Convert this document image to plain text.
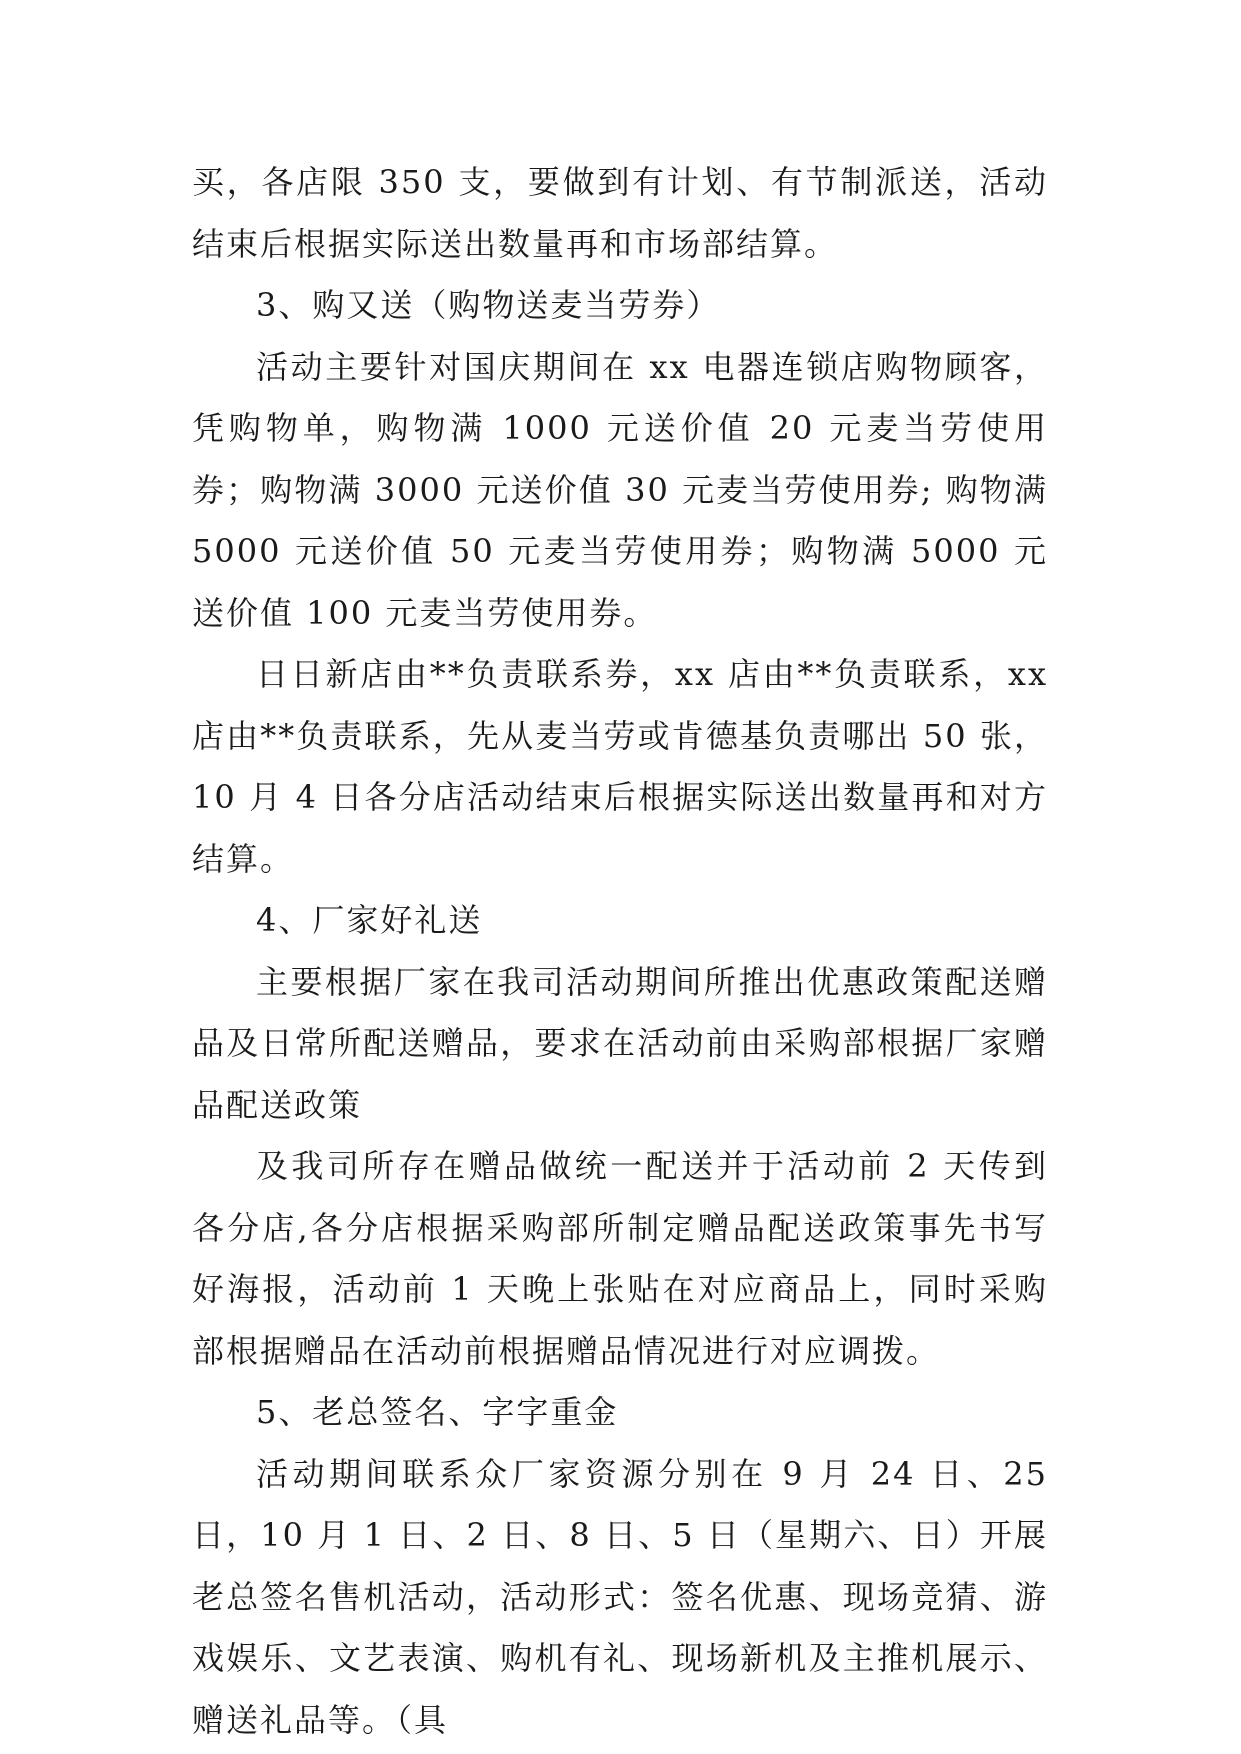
买，各店限 350 支，要做到有计划、有节制派送，活动结束后根据实际送出数量再和市场部结算。

3、购又送（购物送麦当劳券）

活动主要针对国庆期间在 xx 电器连锁店购物顾客，凭购物单，购物满 1000 元送价值 20 元麦当劳使用券；购物满 3000 元送价值 30 元麦当劳使用券; 购物满 5000 元送价值 50 元麦当劳使用券；购物满 5000 元送价值 100 元麦当劳使用券。

日日新店由**负责联系券，xx 店由**负责联系，xx 店由**负责联系，先从麦当劳或肯德基负责哪出 50 张，10 月 4 日各分店活动结束后根据实际送出数量再和对方结算。

4、厂家好礼送

主要根据厂家在我司活动期间所推出优惠政策配送赠品及日常所配送赠品，要求在活动前由采购部根据厂家赠品配送政策

及我司所存在赠品做统一配送并于活动前 2 天传到各分店,各分店根据采购部所制定赠品配送政策事先书写好海报，活动前 1 天晚上张贴在对应商品上，同时采购部根据赠品在活动前根据赠品情况进行对应调拨。

5、老总签名、字字重金

活动期间联系众厂家资源分别在 9 月 24 日、25 日，10 月 1 日、2 日、8 日、5 日（星期六、日）开展老总签名售机活动，活动形式：签名优惠、现场竞猜、游戏娱乐、文艺表演、购机有礼、现场新机及主推机展示、赠送礼品等。（具
